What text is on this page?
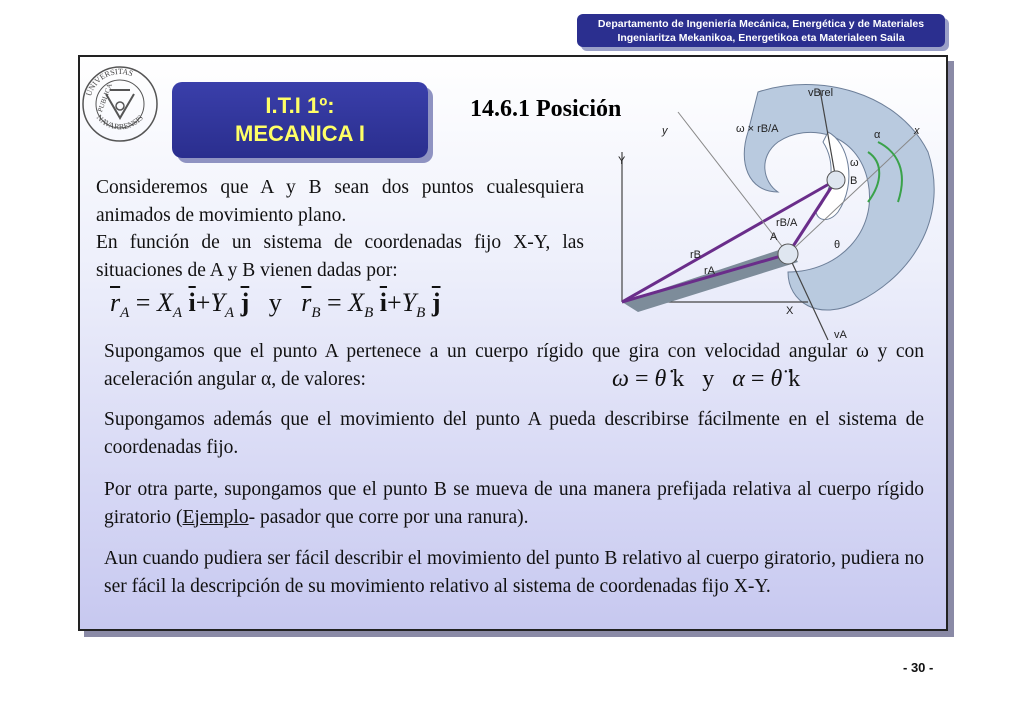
Departamento de Ingeniería Mecánica, Energética y de Materiales
Ingeniaritza Mekanikoa, Energetikoa eta Materialeen Saila
UNIVERSITAS
NAVARRENSIS
PUBLICA	I.T.I 1º:
MECANICA I
14.6.1 Posición
Consideremos que A y B sean dos puntos cualesquiera animados de movimiento plano.
En función de un sistema de coordenadas fijo X-Y, las situaciones de A y B vienen dadas por:
$\overline{r}_A = X_A$ $\overline{i}+Y_A$ $\overline{j}$ y $\overline{r}_B = X_B$ $\overline{i}+Y_B$ $\overline{j}$
vBrel
ω × rB/A
y	x
α
ω
Y
B
rB/A
rB
A
θ
rA
X
vA
Supongamos que el punto A pertenece a un cuerpo rígido que gira con velocidad angular ω y con aceleración angular α, de valores:	ω = θ̇ k y α = θ̈ k
Supongamos además que el movimiento del punto A pueda describirse fácilmente en el sistema de coordenadas fijo.
Por otra parte, supongamos que el punto B se mueva de una manera prefijada relativa al cuerpo rígido giratorio (Ejemplo- pasador que corre por una ranura).
Aun cuando pudiera ser fácil describir el movimiento del punto B relativo al cuerpo giratorio, pudiera no ser fácil la descripción de su movimiento relativo al sistema de coordenadas fijo X-Y.
- 30 -
